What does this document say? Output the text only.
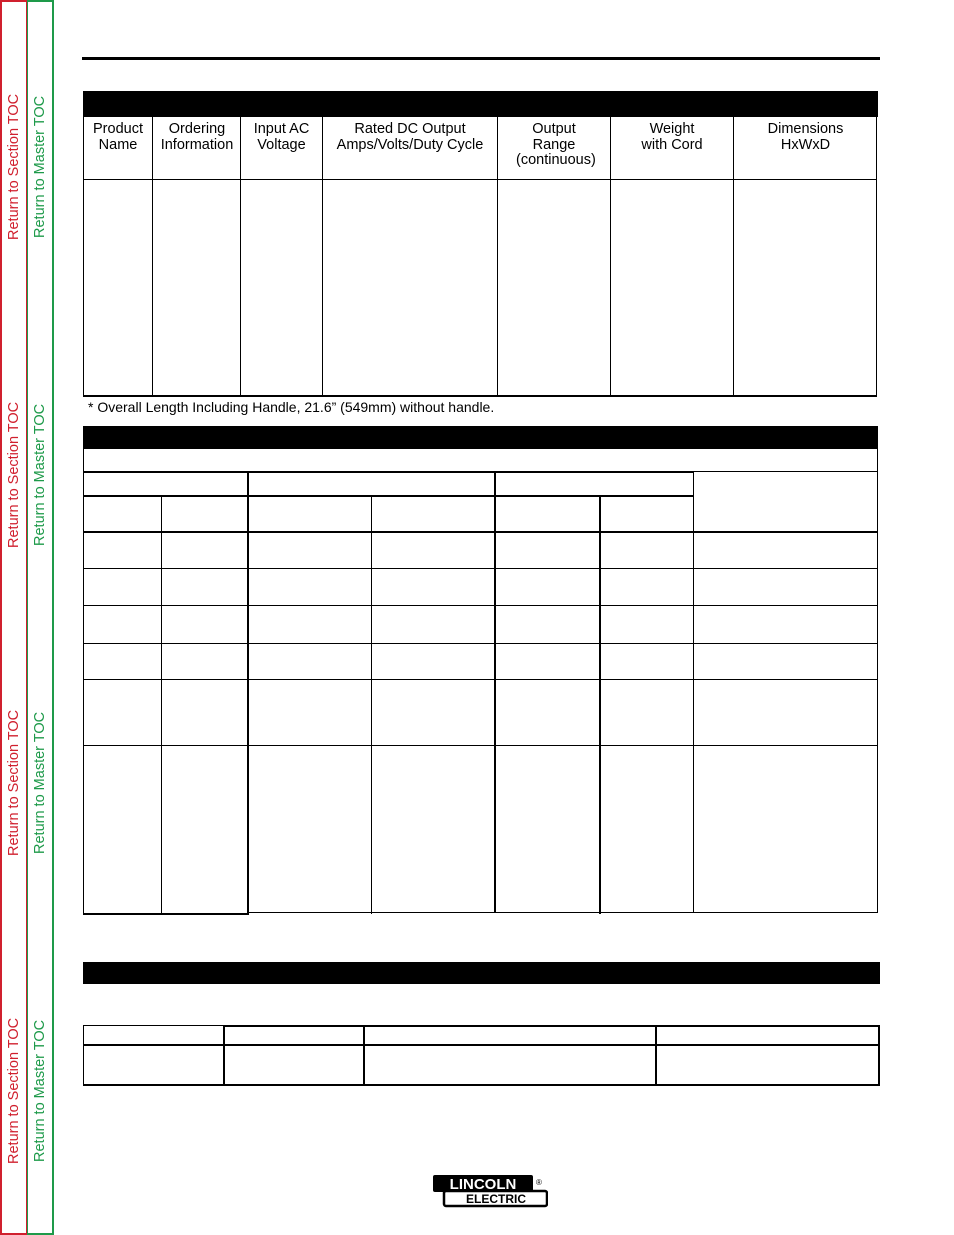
Return to Section TOC
Return to Section TOC
Return to Section TOC
Return to Section TOC
Return to Master TOC
Return to Master TOC
Return to Master TOC
Return to Master TOC
Product Name
Ordering Information
Input AC Voltage
Rated DC Output Amps/Volts/Duty Cycle
Output Range (continuous)
Weight with Cord
Dimensions HxWxD
* Overall Length Including Handle, 21.6” (549mm) without handle.
LINCOLN
ELECTRIC
®
